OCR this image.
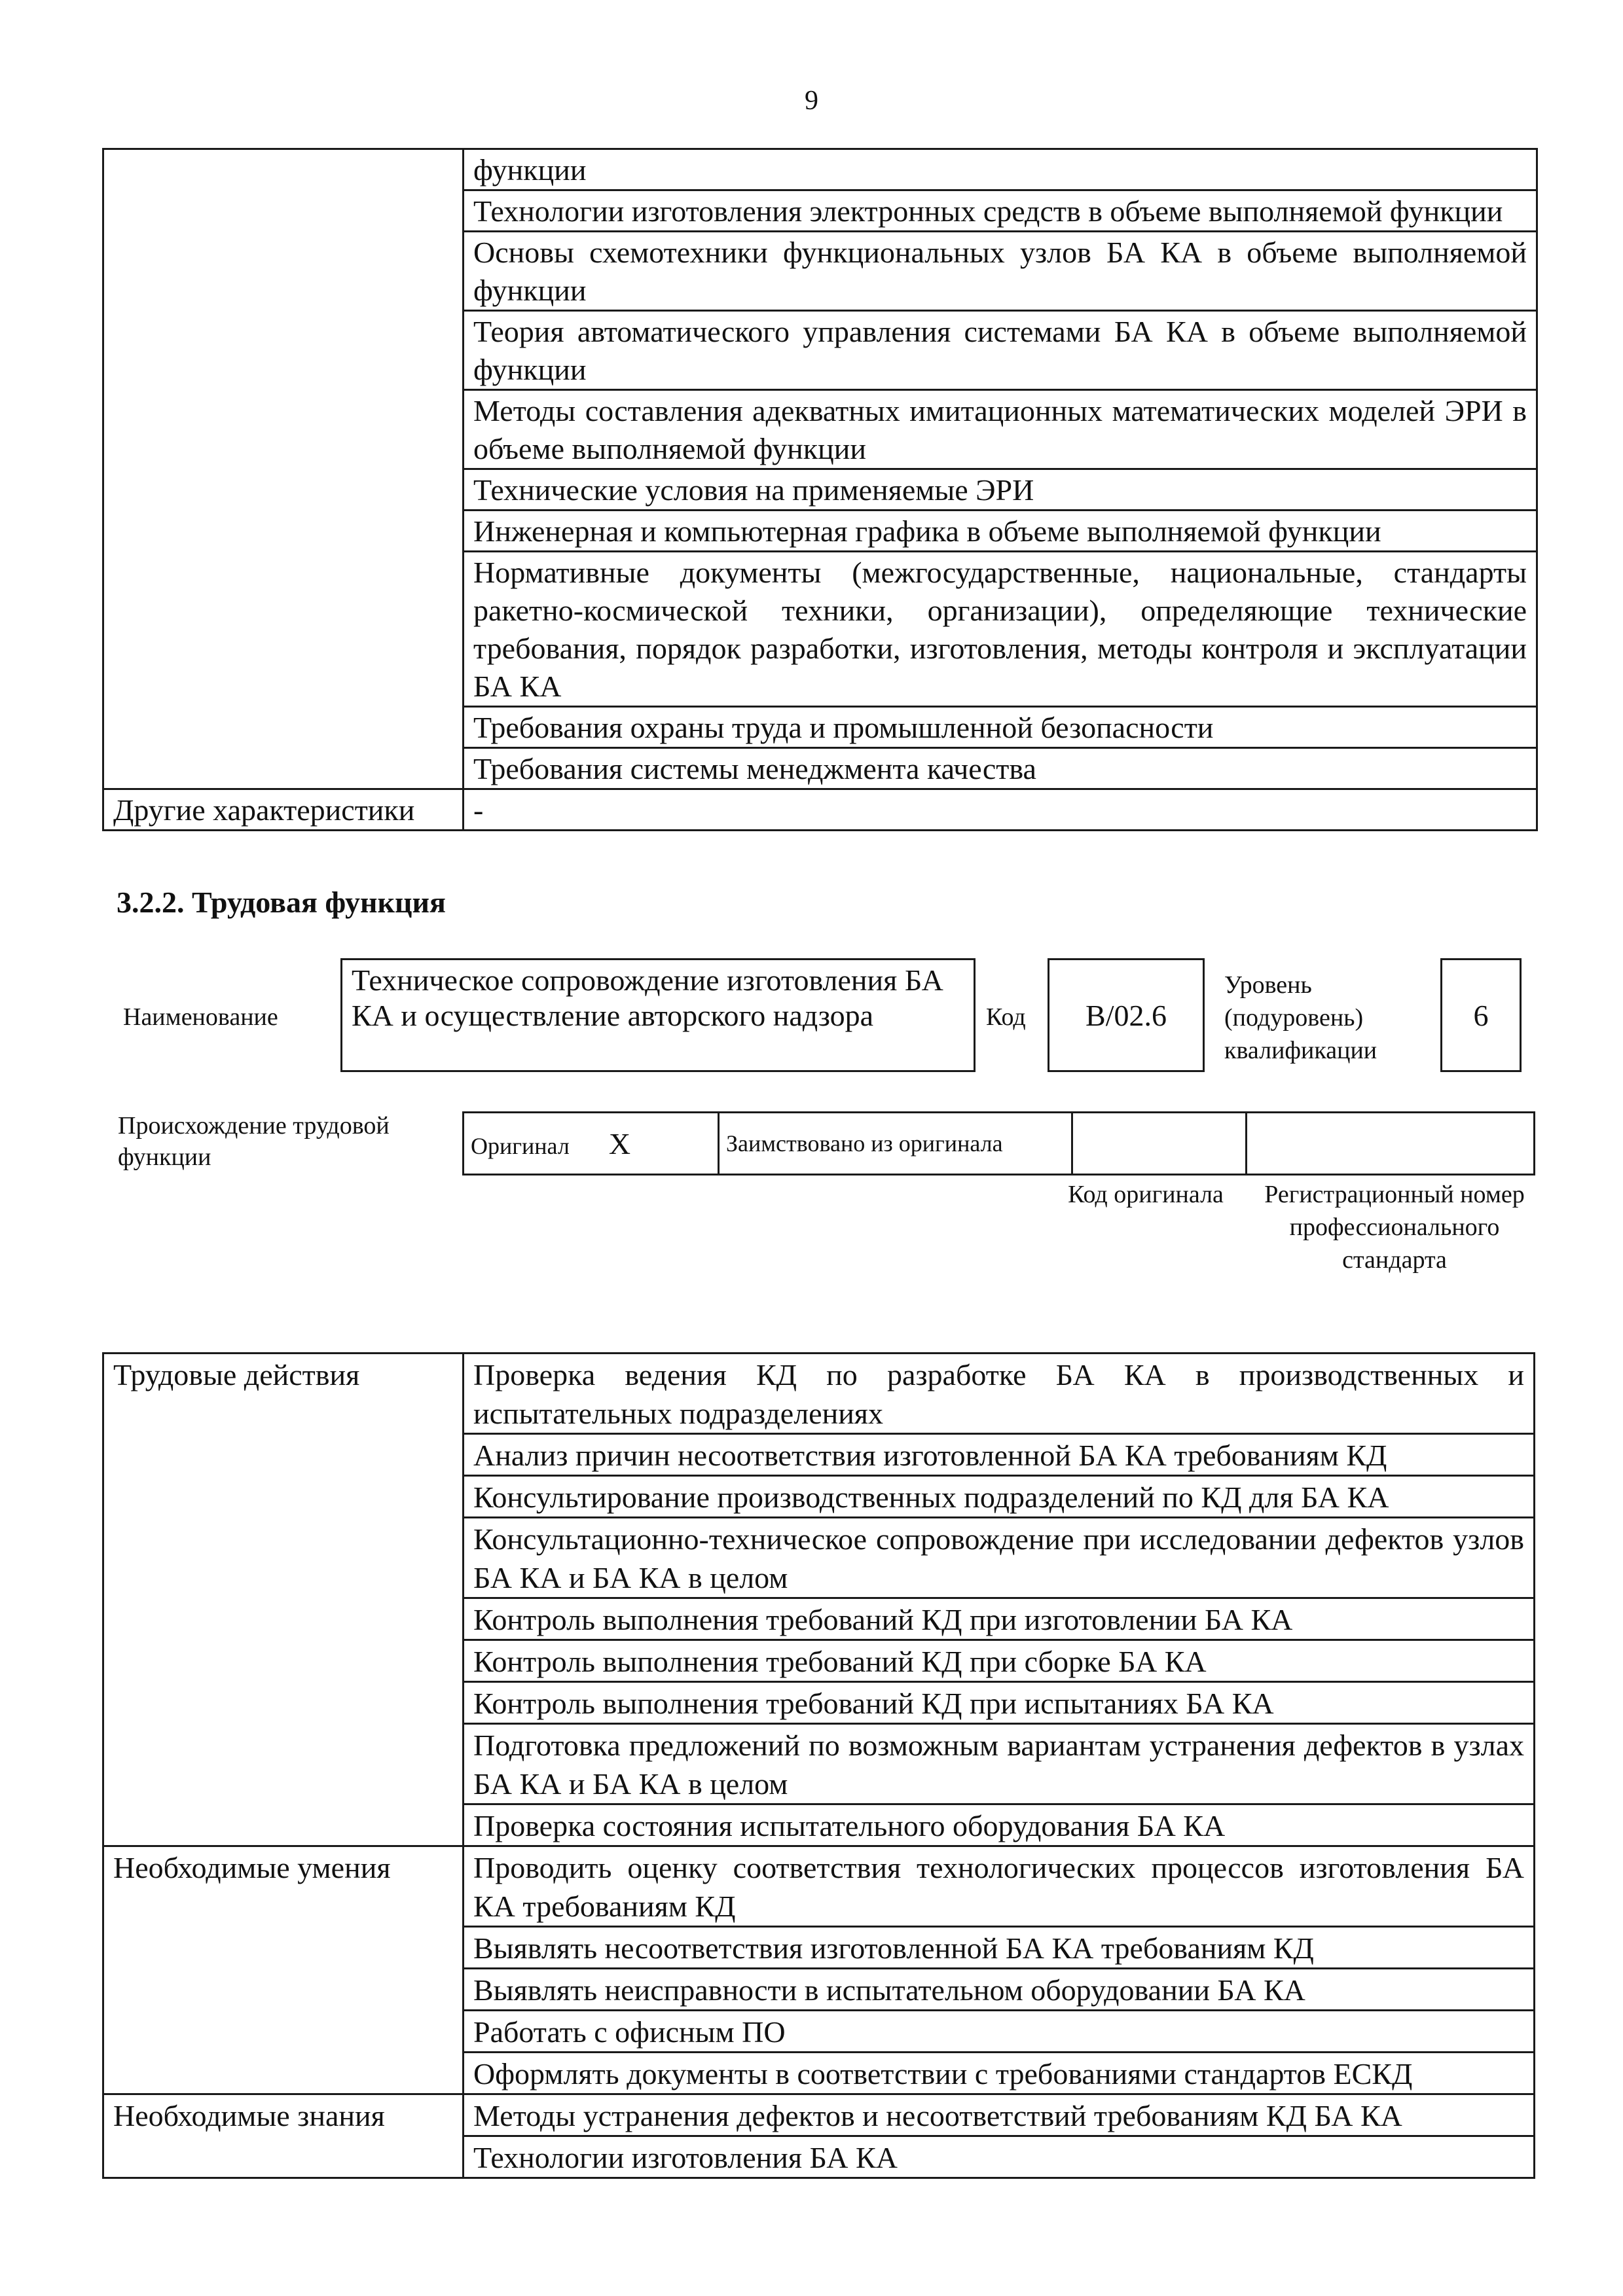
9
	функции
	Технологии изготовления электронных средств в объеме выполняемой функции
	Основы схемотехники функциональных узлов БА КА в объеме выполняемой функции
	Теория автоматического управления системами БА КА в объеме выполняемой функции
	Методы составления адекватных имитационных математических моделей ЭРИ в объеме выполняемой функции
	Технические условия на применяемые ЭРИ
	Инженерная и компьютерная графика в объеме выполняемой функции
	Нормативные документы (межгосударственные, национальные, стандарты ракетно-космической техники, организации), определяющие технические требования, порядок разработки, изготовления, методы контроля и эксплуатации БА КА
	Требования охраны труда и промышленной безопасности
	Требования системы менеджмента качества
Другие характеристики	-
3.2.2. Трудовая функция
Наименование
Техническое сопровождение изготовления БА КА и осуществление авторского надзора	Код	B/02.6
Уровень (подуровень) квалификации
6
Происхождение трудовой функции	Оригинал X	Заимствовано из оригинала

Код оригинала	Регистрационный номер профессионального стандарта
Трудовые действия	Проверка ведения КД по разработке БА КА в производственных и испытательных подразделениях
	Анализ причин несоответствия изготовленной БА КА требованиям КД
	Консультирование производственных подразделений по КД для БА КА
	Консультационно-техническое сопровождение при исследовании дефектов узлов БА КА и БА КА в целом
	Контроль выполнения требований КД при изготовлении БА КА
	Контроль выполнения требований КД при сборке БА КА
	Контроль выполнения требований КД при испытаниях БА КА
	Подготовка предложений по возможным вариантам устранения дефектов в узлах БА КА и БА КА в целом
	Проверка состояния испытательного оборудования БА КА
Необходимые умения	Проводить оценку соответствия технологических процессов изготовления БА КА требованиям КД
	Выявлять несоответствия изготовленной БА КА требованиям КД
	Выявлять неисправности в испытательном оборудовании БА КА
	Работать с офисным ПО
	Оформлять документы в соответствии с требованиями стандартов ЕСКД
Необходимые знания	Методы устранения дефектов и несоответствий требованиям КД БА КА
	Технологии изготовления БА КА
